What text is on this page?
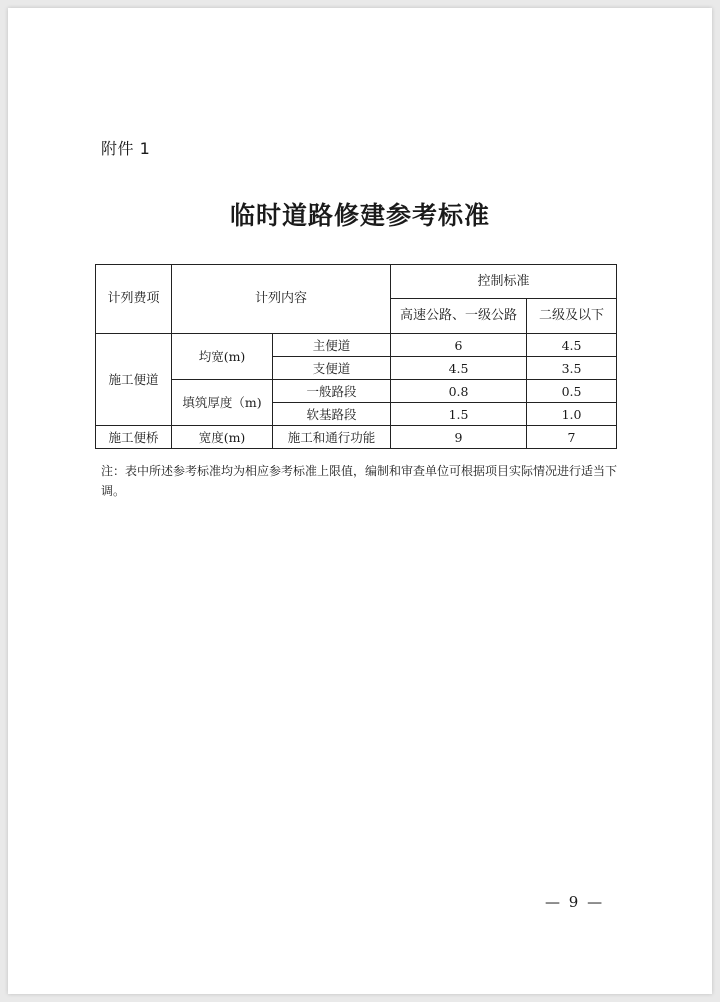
附件 1
临时道路修建参考标准
计列费项	计列内容		控制标准	
			高速公路、一级公路	二级及以下
施工便道	均宽(m)	主便道	6	4.5
		支便道	4.5	3.5
	填筑厚度（m)	一般路段	0.8	0.5
		软基路段	1.5	1.0
施工便桥	宽度(m)	施工和通行功能	9	7
注：表中所述参考标准均为相应参考标准上限值，编制和审查单位可根据项目实际情况进行适当下调。
— 9 —
